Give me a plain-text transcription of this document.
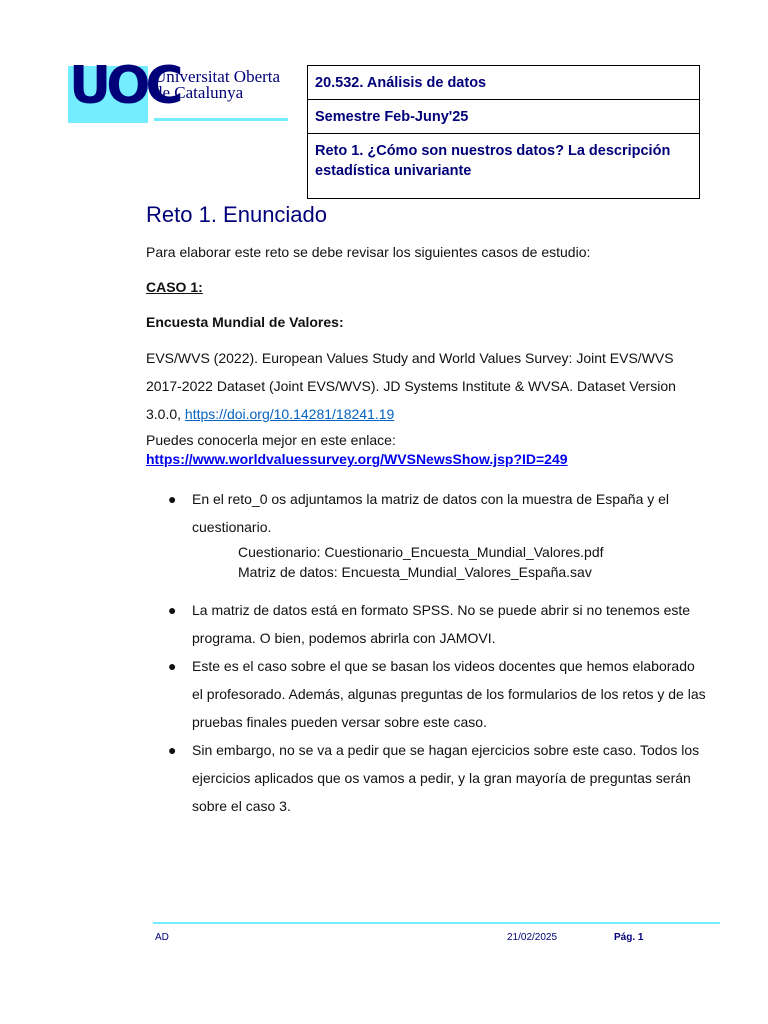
UOC
Universitat Oberta
de Catalunya	20.532. Análisis de datos
Semestre Feb-Juny'25
Reto 1. ¿Cómo son nuestros datos? La descripción estadística univariante
Reto 1. Enunciado

Para elaborar este reto se debe revisar los siguientes casos de estudio:

CASO 1:

Encuesta Mundial de Valores:

EVS/WVS (2022). European Values Study and World Values Survey: Joint EVS/WVS 2017-2022 Dataset (Joint EVS/WVS). JD Systems Institute & WVSA. Dataset Version 3.0.0, https://doi.org/10.14281/18241.19

Puedes conocerla mejor en este enlace:
https://www.worldvaluessurvey.org/WVSNewsShow.jsp?ID=249

● En el reto_0 os adjuntamos la matriz de datos con la muestra de España y el cuestionario.

Cuestionario: Cuestionario_Encuesta_Mundial_Valores.pdf
Matriz de datos: Encuesta_Mundial_Valores_España.sav

● La matriz de datos está en formato SPSS. No se puede abrir si no tenemos este programa. O bien, podemos abrirla con JAMOVI.
● Este es el caso sobre el que se basan los videos docentes que hemos elaborado el profesorado. Además, algunas preguntas de los formularios de los retos y de las pruebas finales pueden versar sobre este caso.
● Sin embargo, no se va a pedir que se hagan ejercicios sobre este caso. Todos los ejercicios aplicados que os vamos a pedir, y la gran mayoría de preguntas serán sobre el caso 3.
AD	21/02/2025	Pág. 1
